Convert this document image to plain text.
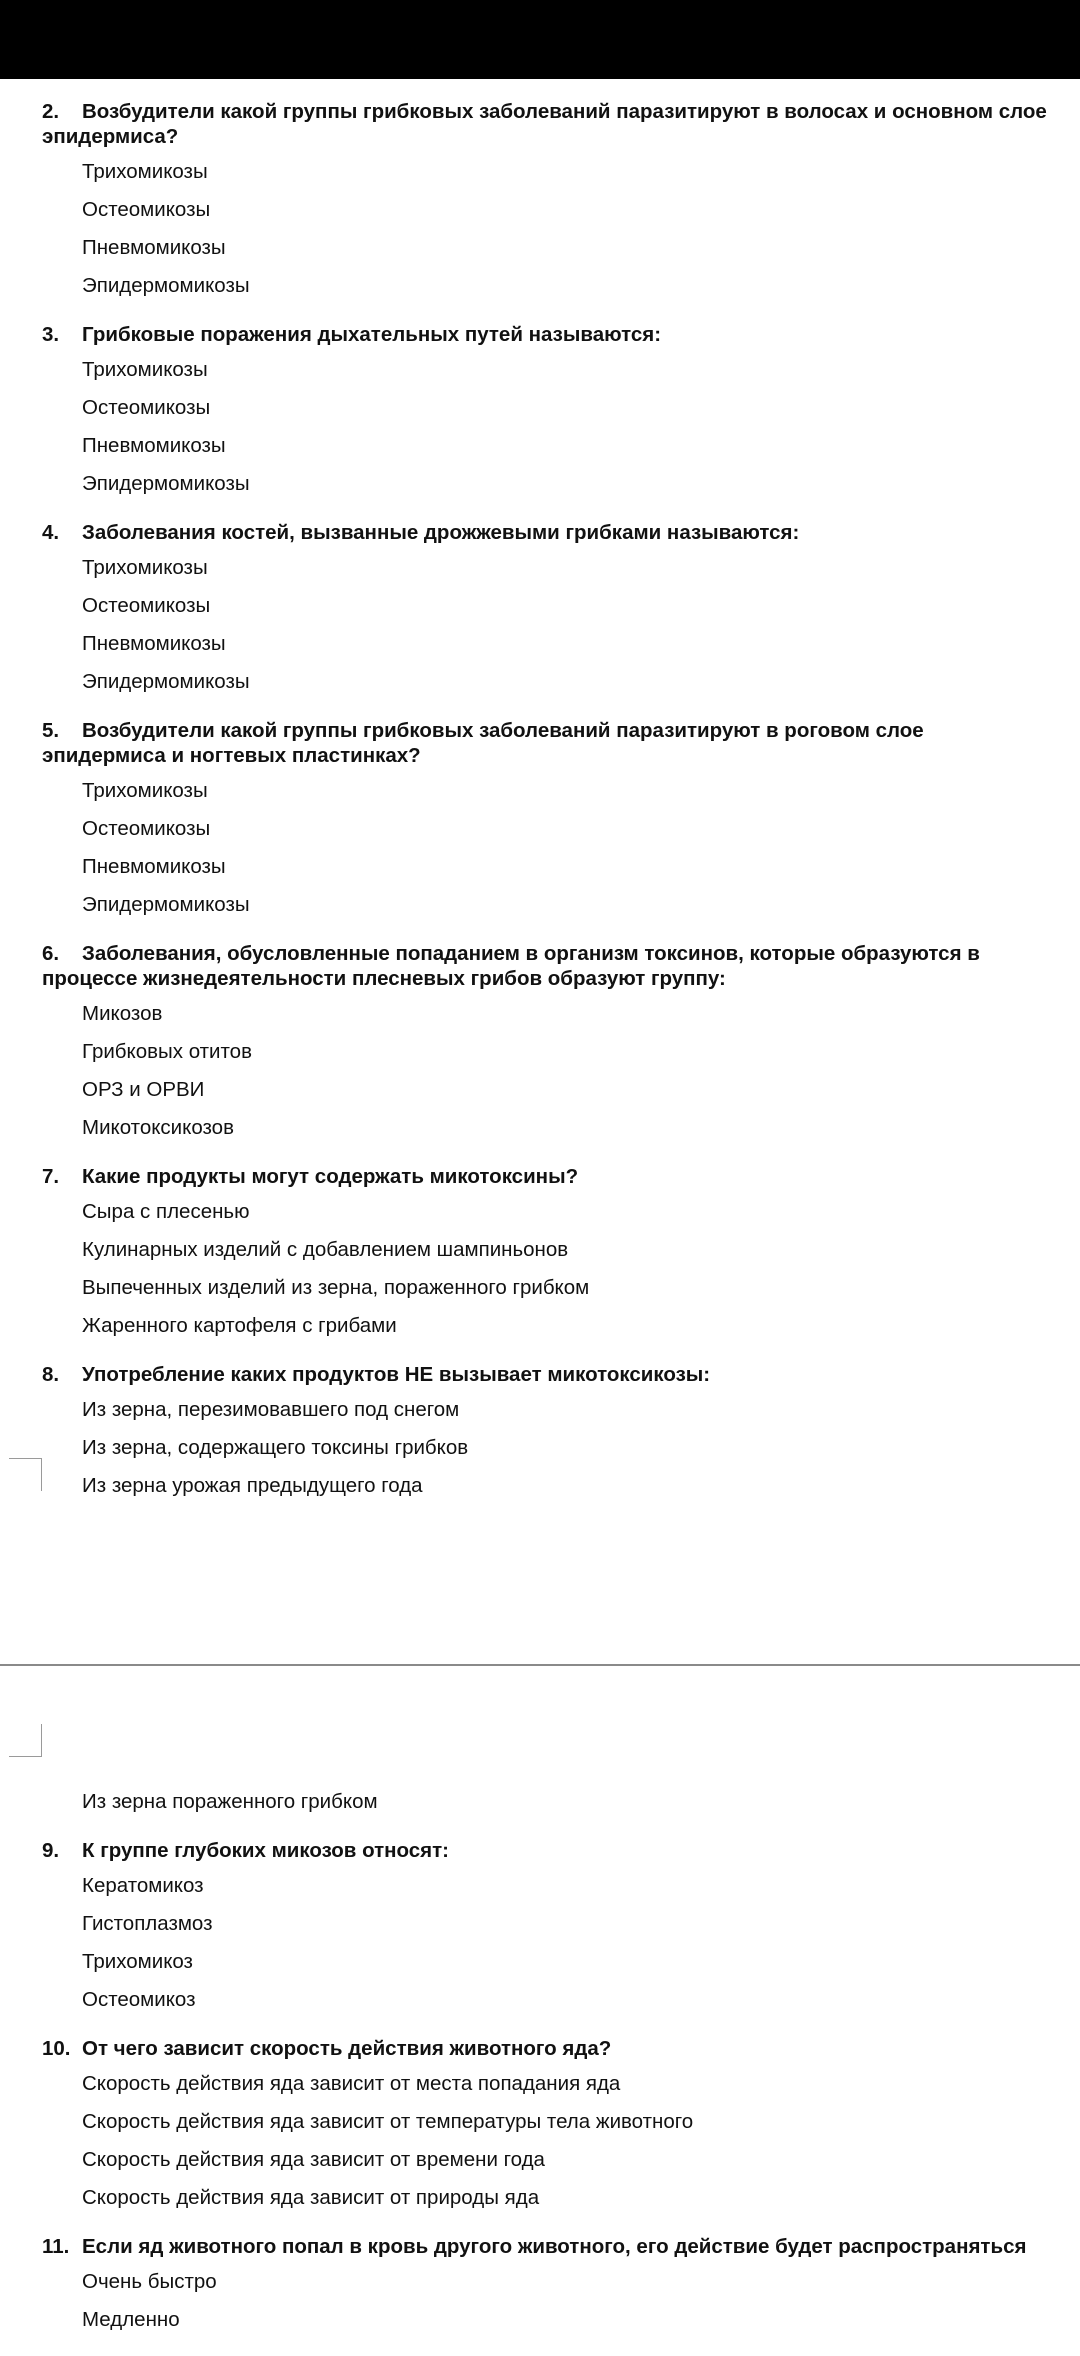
2. Возбудители какой группы грибковых заболеваний паразитируют в волосах и основном слое эпидермиса?
Трихомикозы
Остеомикозы
Пневмомикозы
Эпидермомикозы
3. Грибковые поражения дыхательных путей называются:
Трихомикозы
Остеомикозы
Пневмомикозы
Эпидермомикозы
4. Заболевания костей, вызванные дрожжевыми грибками называются:
Трихомикозы
Остеомикозы
Пневмомикозы
Эпидермомикозы
5. Возбудители какой группы грибковых заболеваний паразитируют в роговом слое эпидермиса и ногтевых пластинках?
Трихомикозы
Остеомикозы
Пневмомикозы
Эпидермомикозы
6. Заболевания, обусловленные попаданием в организм токсинов, которые образуются в процессе жизнедеятельности плесневых грибов образуют группу:
Микозов
Грибковых отитов
ОРЗ и ОРВИ
Микотоксикозов
7. Какие продукты могут содержать микотоксины?
Сыра с плесенью
Кулинарных изделий с добавлением шампиньонов
Выпеченных изделий из зерна, пораженного грибком
Жаренного картофеля с грибами
8. Употребление каких продуктов НЕ вызывает микотоксикозы:
Из зерна, перезимовавшего под снегом
Из зерна, содержащего токсины грибков
Из зерна урожая предыдущего года
Из зерна пораженного грибком
9. К группе глубоких микозов относят:
Кератомикоз
Гистоплазмоз
Трихомикоз
Остеомикоз
10. От чего зависит скорость действия животного яда?
Скорость действия яда зависит от места попадания яда
Скорость действия яда зависит от температуры тела животного
Скорость действия яда зависит от времени года
Скорость действия яда зависит от природы яда
11. Если яд животного попал в кровь другого животного, его действие будет распространяться
Очень быстро
Медленно
